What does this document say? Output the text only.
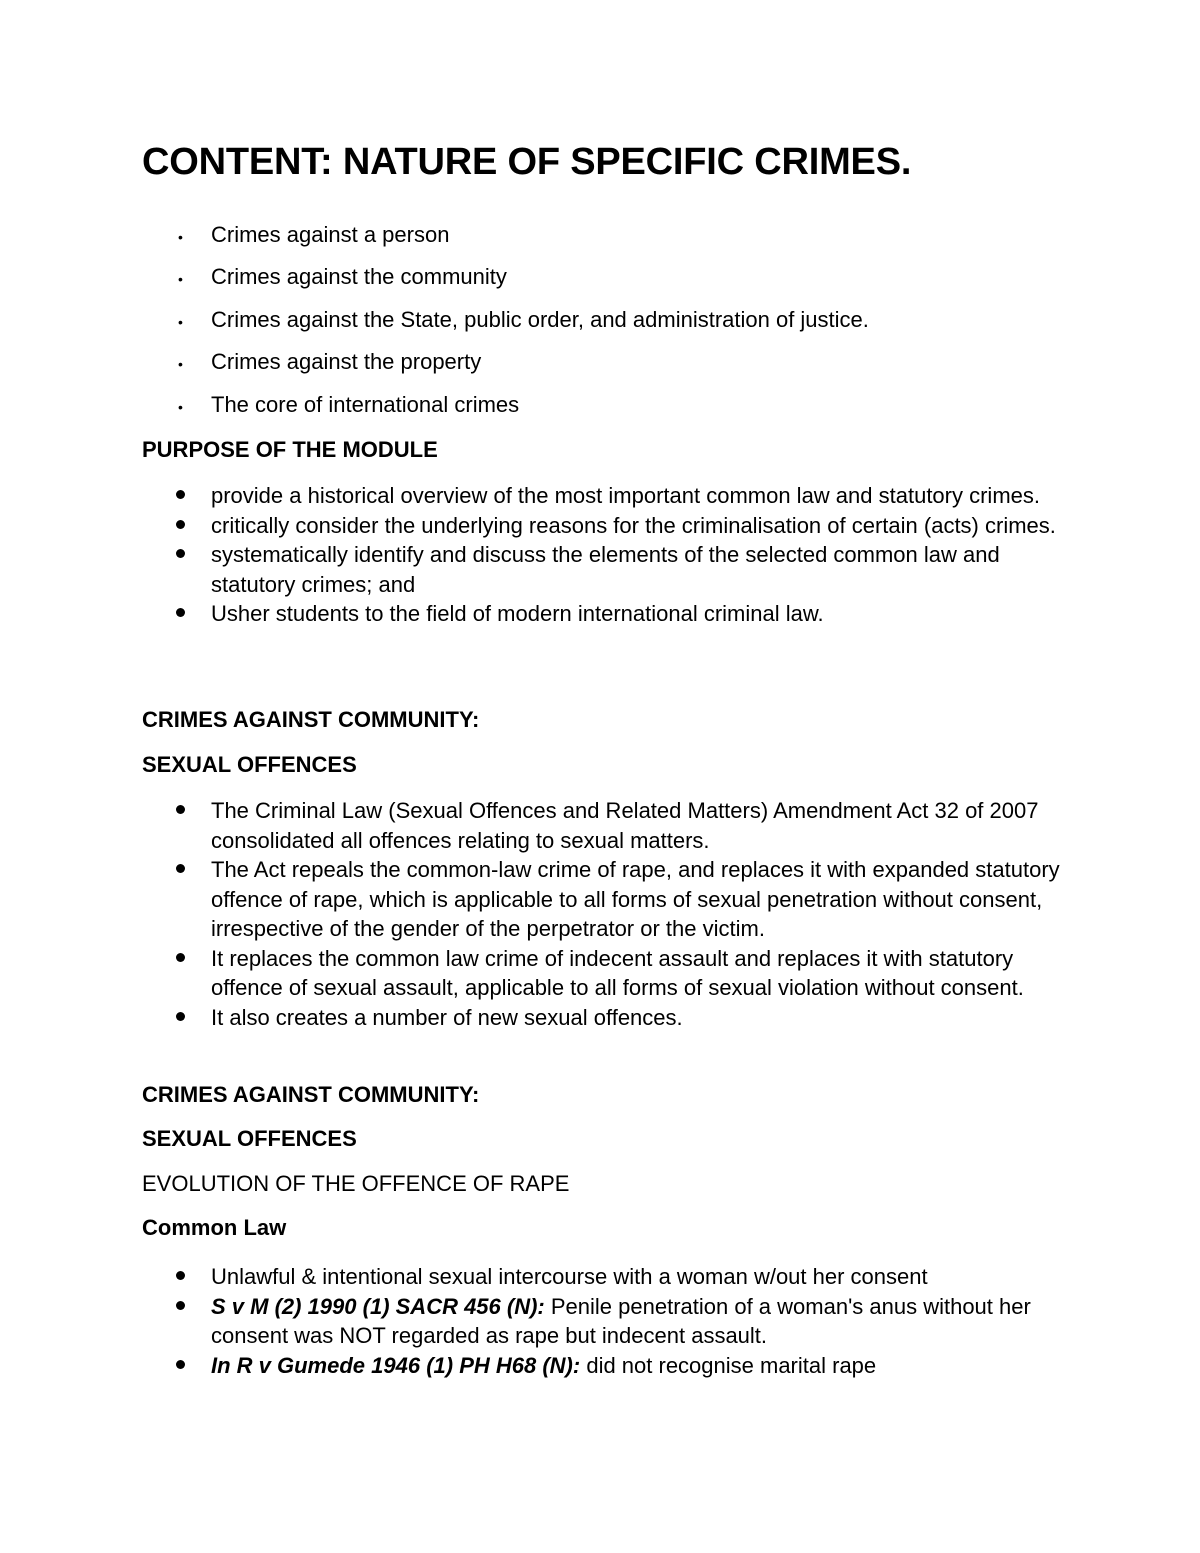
CONTENT: NATURE OF SPECIFIC CRIMES.
• Crimes against a person
• Crimes against the community
• Crimes against the State, public order, and administration of justice.
• Crimes against the property
• The core of international crimes
PURPOSE OF THE MODULE
provide a historical overview of the most important common law and statutory crimes.
critically consider the underlying reasons for the criminalisation of certain (acts) crimes.
systematically identify and discuss the elements of the selected common law and statutory crimes; and
Usher students to the field of modern international criminal law.
CRIMES AGAINST COMMUNITY:
SEXUAL OFFENCES
The Criminal Law (Sexual Offences and Related Matters) Amendment Act 32 of 2007 consolidated all offences relating to sexual matters.
The Act repeals the common-law crime of rape, and replaces it with expanded statutory offence of rape, which is applicable to all forms of sexual penetration without consent, irrespective of the gender of the perpetrator or the victim.
It replaces the common law crime of indecent assault and replaces it with statutory offence of sexual assault, applicable to all forms of sexual violation without consent.
It also creates a number of new sexual offences.
CRIMES AGAINST COMMUNITY:
SEXUAL OFFENCES

EVOLUTION OF THE OFFENCE OF RAPE

Common Law
Unlawful & intentional sexual intercourse with a woman w/out her consent
S v M (2) 1990 (1) SACR 456 (N): Penile penetration of a woman's anus without her consent was NOT regarded as rape but indecent assault.
In R v Gumede 1946 (1) PH H68 (N): did not recognise marital rape
